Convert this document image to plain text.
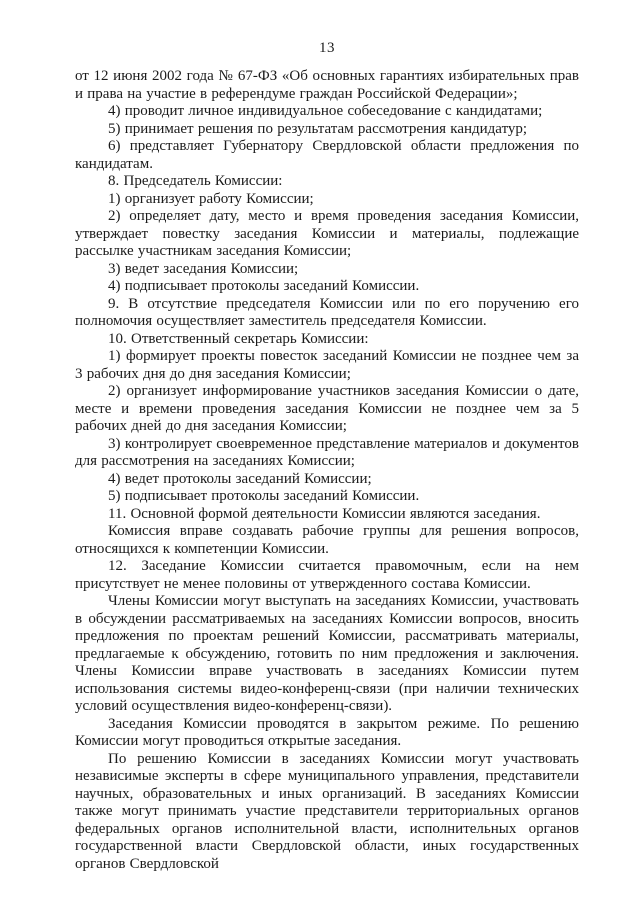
13

от 12 июня 2002 года № 67-ФЗ «Об основных гарантиях избирательных прав и права на участие в референдуме граждан Российской Федерации»;

4) проводит личное индивидуальное собеседование с кандидатами;

5) принимает решения по результатам рассмотрения кандидатур;

6) представляет Губернатору Свердловской области предложения по кандидатам.

8. Председатель Комиссии:

1) организует работу Комиссии;

2) определяет дату, место и время проведения заседания Комиссии, утверждает повестку заседания Комиссии и материалы, подлежащие рассылке участникам заседания Комиссии;

3) ведет заседания Комиссии;

4) подписывает протоколы заседаний Комиссии.

9. В отсутствие председателя Комиссии или по его поручению его полномочия осуществляет заместитель председателя Комиссии.

10. Ответственный секретарь Комиссии:

1) формирует проекты повесток заседаний Комиссии не позднее чем за 3 рабочих дня до дня заседания Комиссии;

2) организует информирование участников заседания Комиссии о дате, месте и времени проведения заседания Комиссии не позднее чем за 5 рабочих дней до дня заседания Комиссии;

3) контролирует своевременное представление материалов и документов для рассмотрения на заседаниях Комиссии;

4) ведет протоколы заседаний Комиссии;

5) подписывает протоколы заседаний Комиссии.

11. Основной формой деятельности Комиссии являются заседания.

Комиссия вправе создавать рабочие группы для решения вопросов, относящихся к компетенции Комиссии.

12. Заседание Комиссии считается правомочным, если на нем присутствует не менее половины от утвержденного состава Комиссии.

Члены Комиссии могут выступать на заседаниях Комиссии, участвовать в обсуждении рассматриваемых на заседаниях Комиссии вопросов, вносить предложения по проектам решений Комиссии, рассматривать материалы, предлагаемые к обсуждению, готовить по ним предложения и заключения. Члены Комиссии вправе участвовать в заседаниях Комиссии путем использования системы видео-конференц-связи (при наличии технических условий осуществления видео-конференц-связи).

Заседания Комиссии проводятся в закрытом режиме. По решению Комиссии могут проводиться открытые заседания.

По решению Комиссии в заседаниях Комиссии могут участвовать независимые эксперты в сфере муниципального управления, представители научных, образовательных и иных организаций. В заседаниях Комиссии также могут принимать участие представители территориальных органов федеральных органов исполнительной власти, исполнительных органов государственной власти Свердловской области, иных государственных органов Свердловской
